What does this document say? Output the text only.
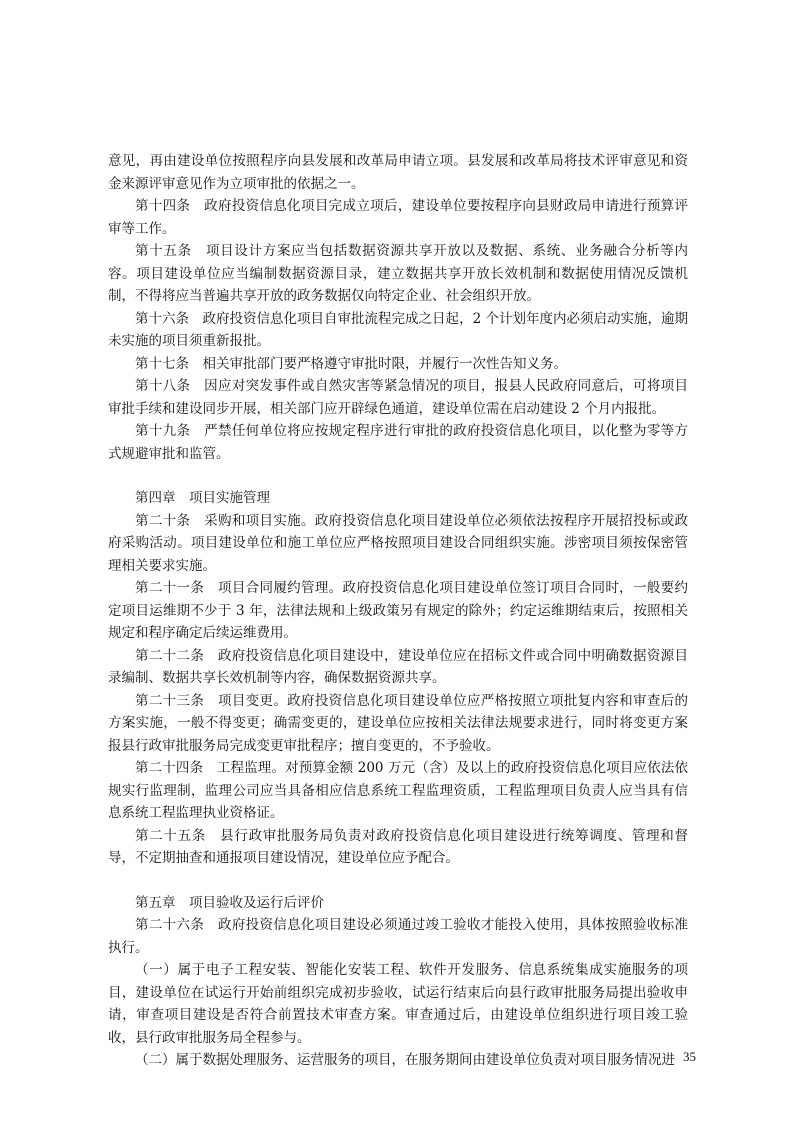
意见，再由建设单位按照程序向县发展和改革局申请立项。县发展和改革局将技术评审意见和资金来源评审意见作为立项审批的依据之一。

第十四条　政府投资信息化项目完成立项后，建设单位要按程序向县财政局申请进行预算评审等工作。

第十五条　项目设计方案应当包括数据资源共享开放以及数据、系统、业务融合分析等内容。项目建设单位应当编制数据资源目录，建立数据共享开放长效机制和数据使用情况反馈机制，不得将应当普遍共享开放的政务数据仅向特定企业、社会组织开放。

第十六条　政府投资信息化项目自审批流程完成之日起，2 个计划年度内必须启动实施，逾期未实施的项目须重新报批。

第十七条　相关审批部门要严格遵守审批时限，并履行一次性告知义务。

第十八条　因应对突发事件或自然灾害等紧急情况的项目，报县人民政府同意后，可将项目审批手续和建设同步开展，相关部门应开辟绿色通道，建设单位需在启动建设 2 个月内报批。

第十九条　严禁任何单位将应按规定程序进行审批的政府投资信息化项目，以化整为零等方式规避审批和监管。

第四章　项目实施管理

第二十条　采购和项目实施。政府投资信息化项目建设单位必须依法按程序开展招投标或政府采购活动。项目建设单位和施工单位应严格按照项目建设合同组织实施。涉密项目须按保密管理相关要求实施。

第二十一条　项目合同履约管理。政府投资信息化项目建设单位签订项目合同时，一般要约定项目运维期不少于 3 年，法律法规和上级政策另有规定的除外；约定运维期结束后，按照相关规定和程序确定后续运维费用。

第二十二条　政府投资信息化项目建设中，建设单位应在招标文件或合同中明确数据资源目录编制、数据共享长效机制等内容，确保数据资源共享。

第二十三条　项目变更。政府投资信息化项目建设单位应严格按照立项批复内容和审查后的方案实施，一般不得变更；确需变更的，建设单位应按相关法律法规要求进行，同时将变更方案报县行政审批服务局完成变更审批程序；擅自变更的，不予验收。

第二十四条　工程监理。对预算金额 200 万元（含）及以上的政府投资信息化项目应依法依规实行监理制，监理公司应当具备相应信息系统工程监理资质，工程监理项目负责人应当具有信息系统工程监理执业资格证。

第二十五条　县行政审批服务局负责对政府投资信息化项目建设进行统筹调度、管理和督导，不定期抽查和通报项目建设情况，建设单位应予配合。

第五章　项目验收及运行后评价

第二十六条　政府投资信息化项目建设必须通过竣工验收才能投入使用，具体按照验收标准执行。

（一）属于电子工程安装、智能化安装工程、软件开发服务、信息系统集成实施服务的项目，建设单位在试运行开始前组织完成初步验收，试运行结束后向县行政审批服务局提出验收申请，审查项目建设是否符合前置技术审查方案。审查通过后，由建设单位组织进行项目竣工验收，县行政审批服务局全程参与。

（二）属于数据处理服务、运营服务的项目，在服务期间由建设单位负责对项目服务情况进 35
